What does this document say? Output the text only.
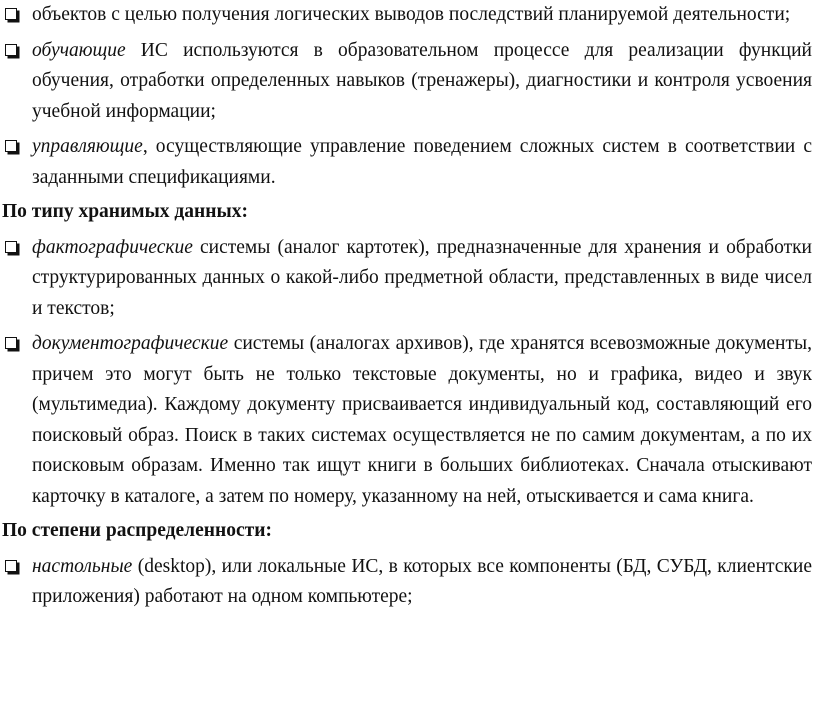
объектов с целью получения логических выводов последствий планируемой деятельности;
обучающие ИС используются в образовательном процессе для реализации функций обучения, отработки определенных навыков (тренажеры), диагностики и контроля усвоения учебной информации;
управляющие, осуществляющие управление поведением сложных систем в соответствии с заданными спецификациями.
По типу хранимых данных:
фактографические системы (аналог картотек), предназначенные для хранения и обработки структурированных данных о какой-либо предметной области, представленных в виде чисел и текстов;
документографические системы (аналогах архивов), где хранятся всевозможные документы, причем это могут быть не только текстовые документы, но и графика, видео и звук (мультимедиа). Каждому документу присваивается индивидуальный код, составляющий его поисковый образ. Поиск в таких системах осуществляется не по самим документам, а по их поисковым образам. Именно так ищут книги в больших библиотеках. Сначала отыскивают карточку в каталоге, а затем по номеру, указанному на ней, отыскивается и сама книга.
По степени распределенности:
настольные (desktop), или локальные ИС, в которых все компоненты (БД, СУБД, клиентские приложения) работают на одном компьютере;
